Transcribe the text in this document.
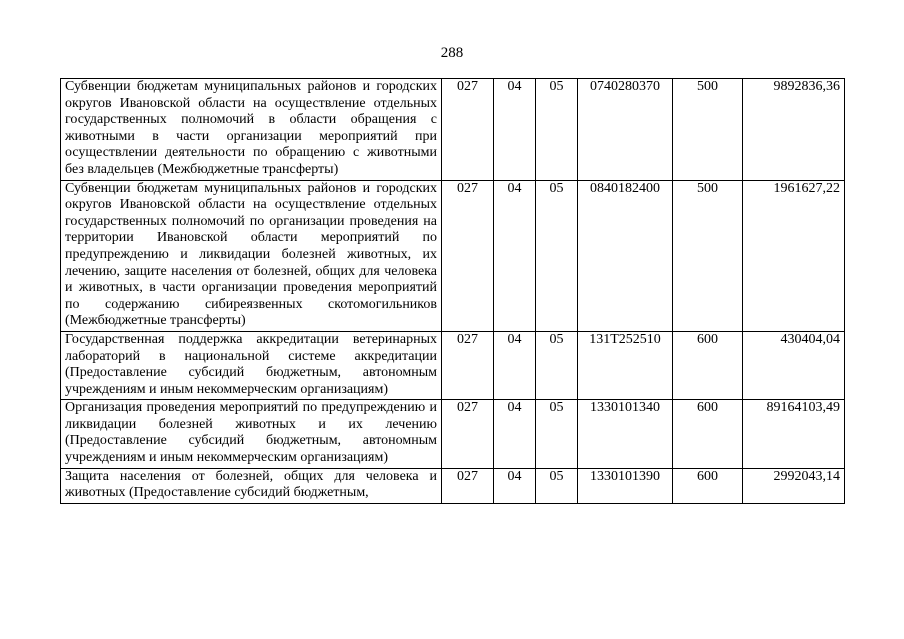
288
Субвенции бюджетам муниципальных районов и городских округов Ивановской области на осуществление отдельных государственных полномочий в области обращения с животными в части организации мероприятий при осуществлении деятельности по обращению с животными без владельцев (Межбюджетные трансферты)	027	04	05	0740280370	500	9892836,36
Субвенции бюджетам муниципальных районов и городских округов Ивановской области на осуществление отдельных государственных полномочий по организации проведения на территории Ивановской области мероприятий по предупреждению и ликвидации болезней животных, их лечению, защите населения от болезней, общих для человека и животных, в части организации проведения мероприятий по содержанию сибиреязвенных скотомогильников (Межбюджетные трансферты)	027	04	05	0840182400	500	1961627,22
Государственная поддержка аккредитации ветеринарных лабораторий в национальной системе аккредитации (Предоставление субсидий бюджетным, автономным учреждениям и иным некоммерческим организациям)	027	04	05	131Т252510	600	430404,04
Организация проведения мероприятий по предупреждению и ликвидации болезней животных и их лечению (Предоставление субсидий бюджетным, автономным учреждениям и иным некоммерческим организациям)	027	04	05	1330101340	600	89164103,49
Защита населения от болезней, общих для человека и животных (Предоставление субсидий бюджетным,	027	04	05	1330101390	600	2992043,14
